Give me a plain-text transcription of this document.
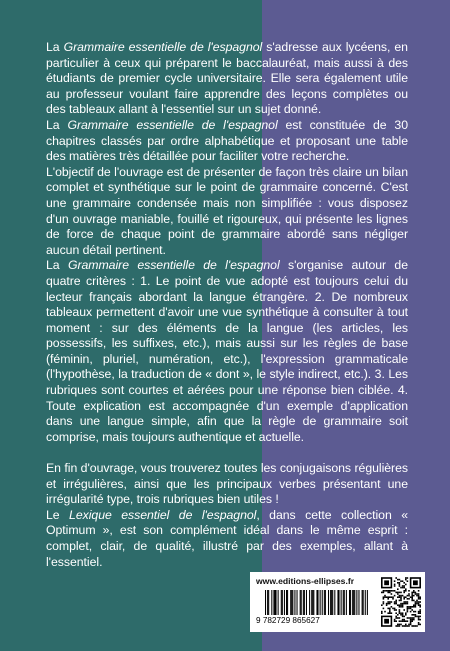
La Grammaire essentielle de l'espagnol s'adresse aux lycéens, en particulier à ceux qui préparent le baccalauréat, mais aussi à des étudiants de premier cycle universitaire. Elle sera également utile au professeur voulant faire apprendre des leçons complètes ou des tableaux allant à l'essentiel sur un sujet donné.

La Grammaire essentielle de l'espagnol est constituée de 30 chapitres classés par ordre alphabétique et proposant une table des matières très détaillée pour faciliter votre recherche.

L'objectif de l'ouvrage est de présenter de façon très claire un bilan complet et synthétique sur le point de grammaire concerné. C'est une grammaire condensée mais non simplifiée : vous disposez d'un ouvrage maniable, fouillé et rigoureux, qui présente les lignes de force de chaque point de grammaire abordé sans négliger aucun détail pertinent.

La Grammaire essentielle de l'espagnol s'organise autour de quatre critères : 1. Le point de vue adopté est toujours celui du lecteur français abordant la langue étrangère. 2. De nombreux tableaux permettent d'avoir une vue synthétique à consulter à tout moment : sur des éléments de la langue (les articles, les possessifs, les suffixes, etc.), mais aussi sur les règles de base (féminin, pluriel, numération, etc.), l'expression grammaticale (l'hypothèse, la traduction de « dont », le style indirect, etc.). 3. Les rubriques sont courtes et aérées pour une réponse bien ciblée. 4. Toute explication est accompagnée d'un exemple d'application dans une langue simple, afin que la règle de grammaire soit comprise, mais toujours authentique et actuelle.

En fin d'ouvrage, vous trouverez toutes les conjugaisons régulières et irrégulières, ainsi que les principaux verbes présentant une irrégularité type, trois rubriques bien utiles !

Le Lexique essentiel de l'espagnol, dans cette collection « Optimum », est son complément idéal dans le même esprit : complet, clair, de qualité, illustré par des exemples, allant à l'essentiel.

www.editions-ellipses.fr
9 782729 865627
